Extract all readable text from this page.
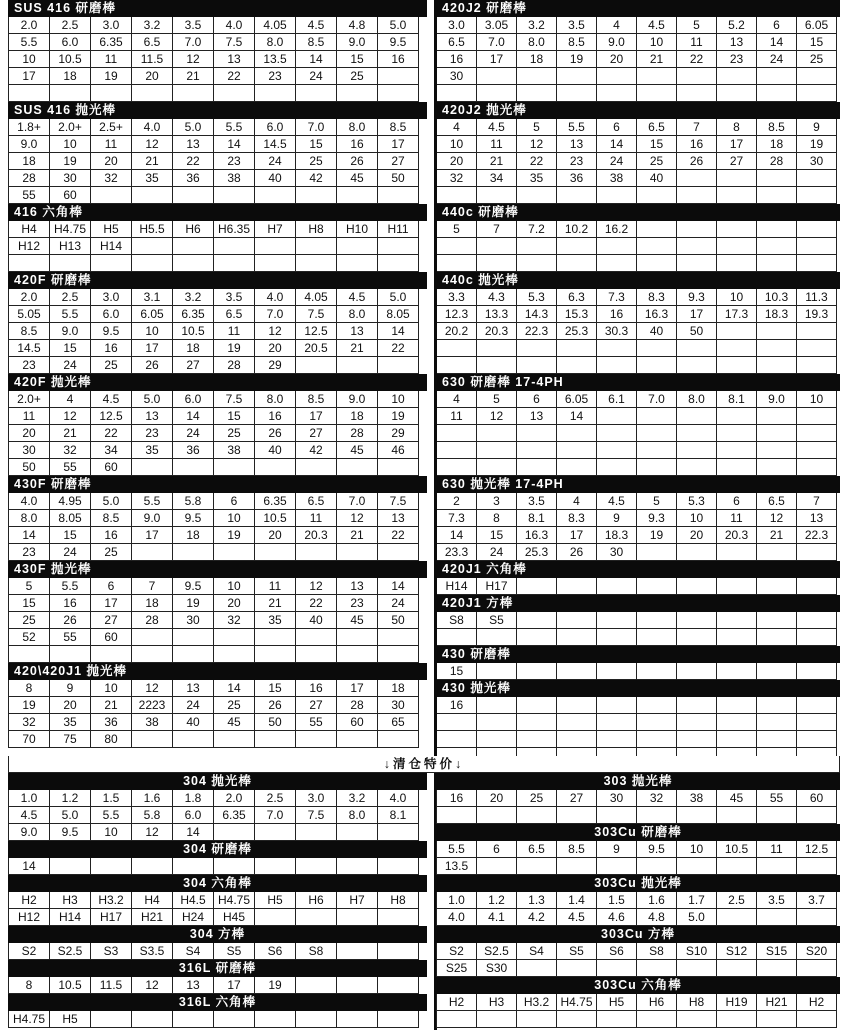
SUS 416 研磨棒
2.0	2.5	3.0	3.2	3.5	4.0	4.05	4.5	4.8	5.0
5.5	6.0	6.35	6.5	7.0	7.5	8.0	8.5	9.0	9.5
10	10.5	11	11.5	12	13	13.5	14	15	16
17	18	19	20	21	22	23	24	25
SUS 416 抛光棒
1.8+	2.0+	2.5+	4.0	5.0	5.5	6.0	7.0	8.0	8.5
9.0	10	11	12	13	14	14.5	15	16	17
18	19	20	21	22	23	24	25	26	27
28	30	32	35	36	38	40	42	45	50
55	60
416 六角棒
H4	H4.75	H5	H5.5	H6	H6.35	H7	H8	H10	H11
H12	H13	H14
420F 研磨棒
2.0	2.5	3.0	3.1	3.2	3.5	4.0	4.05	4.5	5.0
5.05	5.5	6.0	6.05	6.35	6.5	7.0	7.5	8.0	8.05
8.5	9.0	9.5	10	10.5	11	12	12.5	13	14
14.5	15	16	17	18	19	20	20.5	21	22
23	24	25	26	27	28	29
420F 抛光棒
2.0+	4	4.5	5.0	6.0	7.5	8.0	8.5	9.0	10
11	12	12.5	13	14	15	16	17	18	19
20	21	22	23	24	25	26	27	28	29
30	32	34	35	36	38	40	42	45	46
50	55	60
430F 研磨棒
4.0	4.95	5.0	5.5	5.8	6	6.35	6.5	7.0	7.5
8.0	8.05	8.5	9.0	9.5	10	10.5	11	12	13
14	15	16	17	18	19	20	20.3	21	22
23	24	25
430F 抛光棒
5	5.5	6	7	9.5	10	11	12	13	14
15	16	17	18	19	20	21	22	23	24
25	26	27	28	30	32	35	40	45	50
52	55	60
420\420J1 抛光棒
8	9	10	12	13	14	15	16	17	18
19	20	21	2223	24	25	26	27	28	30
32	35	36	38	40	45	50	55	60	65
70	75	80
420J2 研磨棒
3.0	3.05	3.2	3.5	4	4.5	5	5.2	6	6.05
6.5	7.0	8.0	8.5	9.0	10	11	13	14	15
16	17	18	19	20	21	22	23	24	25
30
420J2 抛光棒
4	4.5	5	5.5	6	6.5	7	8	8.5	9
10	11	12	13	14	15	16	17	18	19
20	21	22	23	24	25	26	27	28	30
32	34	35	36	38	40
440c 研磨棒
5	7	7.2	10.2	16.2
440c 抛光棒
3.3	4.3	5.3	6.3	7.3	8.3	9.3	10	10.3	11.3
12.3	13.3	14.3	15.3	16	16.3	17	17.3	18.3	19.3
20.2	20.3	22.3	25.3	30.3	40	50
630 研磨棒 17-4PH
4	5	6	6.05	6.1	7.0	8.0	8.1	9.0	10
11	12	13	14
630 抛光棒 17-4PH
2	3	3.5	4	4.5	5	5.3	6	6.5	7
7.3	8	8.1	8.3	9	9.3	10	11	12	13
14	15	16.3	17	18.3	19	20	20.3	21	22.3
23.3	24	25.3	26	30
420J1 六角棒
H14	H17
420J1 方棒
S8	S5
430 研磨棒
15
430 抛光棒
16
↓清仓特价↓
304 抛光棒
1.0	1.2	1.5	1.6	1.8	2.0	2.5	3.0	3.2	4.0
4.5	5.0	5.5	5.8	6.0	6.35	7.0	7.5	8.0	8.1
9.0	9.5	10	12	14
304 研磨棒
14
304 六角棒
H2	H3	H3.2	H4	H4.5	H4.75	H5	H6	H7	H8
H12	H14	H17	H21	H24	H45
304 方棒
S2	S2.5	S3	S3.5	S4	S5	S6	S8
316L 研磨棒
8	10.5	11.5	12	13	17	19
316L 六角棒
H4.75	H5
303 抛光棒
16	20	25	27	30	32	38	45	55	60
303Cu 研磨棒
5.5	6	6.5	8.5	9	9.5	10	10.5	11	12.5
13.5
303Cu 抛光棒
1.0	1.2	1.3	1.4	1.5	1.6	1.7	2.5	3.5	3.7
4.0	4.1	4.2	4.5	4.6	4.8	5.0
303Cu 方棒
S2	S2.5	S4	S5	S6	S8	S10	S12	S15	S20
S25	S30
303Cu 六角棒
H2	H3	H3.2 H4.75	H5	H6	H8	H19	H21	H2
